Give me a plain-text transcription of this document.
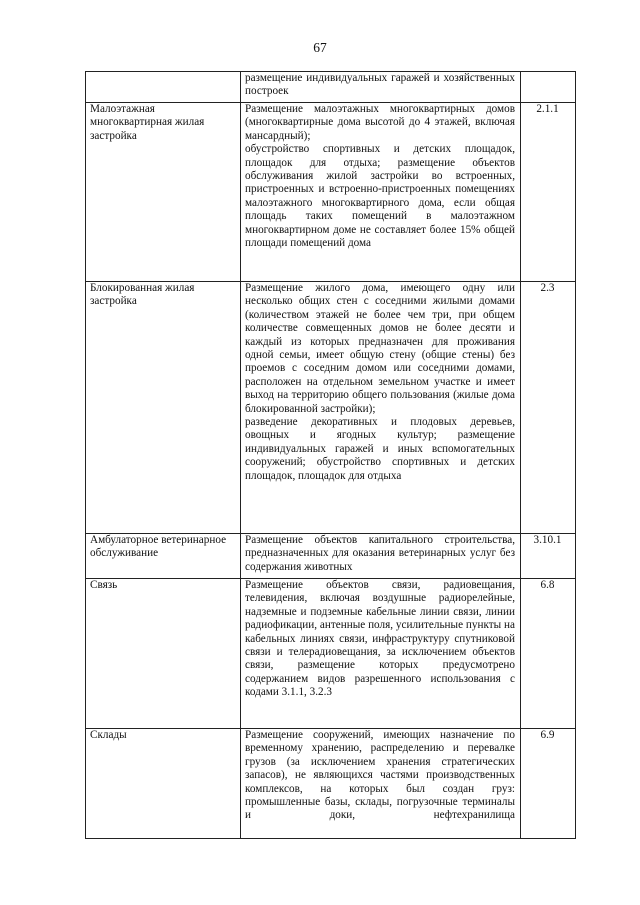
67

	размещение индивидуальных гаражей и хозяйственных построек	

Малоэтажная многоквартирная жилая застройка	Размещение малоэтажных многоквартирных домов (многоквартирные дома высотой до 4 этажей, включая мансардный);
обустройство спортивных и детских площадок, площадок для отдыха; размещение объектов обслуживания жилой застройки во встроенных, пристроенных и встроенно-пристроенных помещениях малоэтажного многоквартирного дома, если общая площадь таких помещений в малоэтажном многоквартирном доме не составляет более 15% общей площади помещений дома	2.1.1
Блокированная жилая застройка	Размещение жилого дома, имеющего одну или несколько общих стен с соседними жилыми домами (количеством этажей не более чем три, при общем количестве совмещенных домов не более десяти и каждый из которых предназначен для проживания одной семьи, имеет общую стену (общие стены) без проемов с соседним домом или соседними домами, расположен на отдельном земельном участке и имеет выход на территорию общего пользования (жилые дома блокированной застройки);
разведение декоративных и плодовых деревьев, овощных и ягодных культур; размещение индивидуальных гаражей и иных вспомогательных сооружений; обустройство спортивных и детских площадок, площадок для отдыха	2.3
Амбулаторное ветеринарное обслуживание	Размещение объектов капитального строительства, предназначенных для оказания ветеринарных услуг без содержания животных	3.10.1
Связь	Размещение объектов связи, радиовещания, телевидения, включая воздушные радиорелейные, надземные и подземные кабельные линии связи, линии радиофикации, антенные поля, усилительные пункты на кабельных линиях связи, инфраструктуру спутниковой связи и телерадиовещания, за исключением объектов связи, размещение которых предусмотрено содержанием видов разрешенного использования с кодами 3.1.1, 3.2.3	6.8
Склады	Размещение сооружений, имеющих назначение по временному хранению, распределению и перевалке грузов (за исключением хранения стратегических запасов), не являющихся частями производственных комплексов, на которых был создан груз: промышленные базы, склады, погрузочные терминалы и доки, нефтехранилища	6.9
